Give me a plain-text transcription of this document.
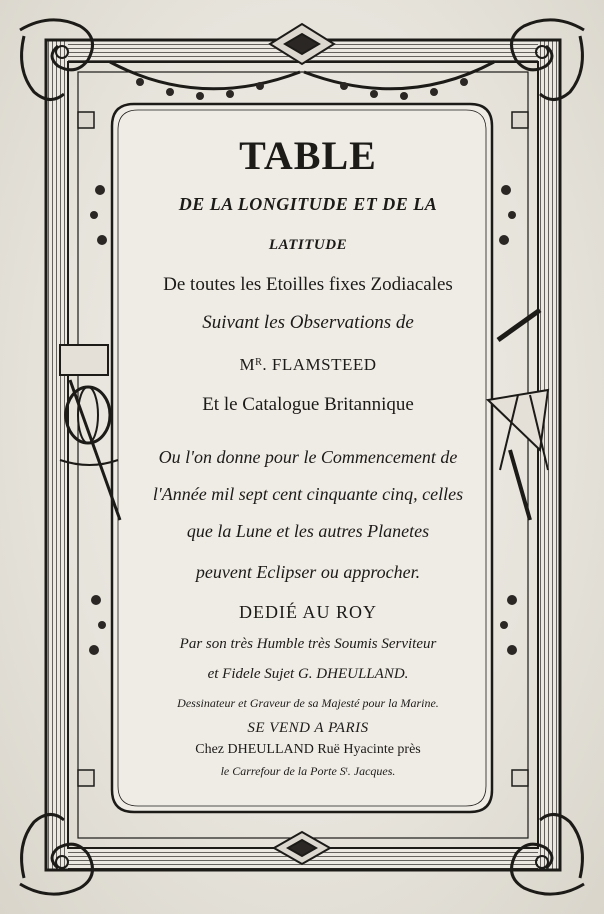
TABLE
DE LA LONGITUDE ET DE LA
LATITUDE
De toutes les Etoilles fixes Zodiacales
Suivant les Observations de
$M^R$. FLAMSTEED
Et le Catalogue Britannique
Ou l'on donne pour le Commencement de
l'Année mil sept cent cinquante cinq, celles
que la Lune et les autres Planetes
peuvent Eclipser ou approcher.
DEDIÉ AU ROY
Par son très Humble très Soumis Serviteur
et Fidele Sujet G. DHEULLAND.
Dessinateur et Graveur de sa Majesté pour la Marine.
SE VEND A PARIS
Chez DHEULLAND Ruë Hyacinte près
le Carrefour de la Porte $S^t$. Jacques.
